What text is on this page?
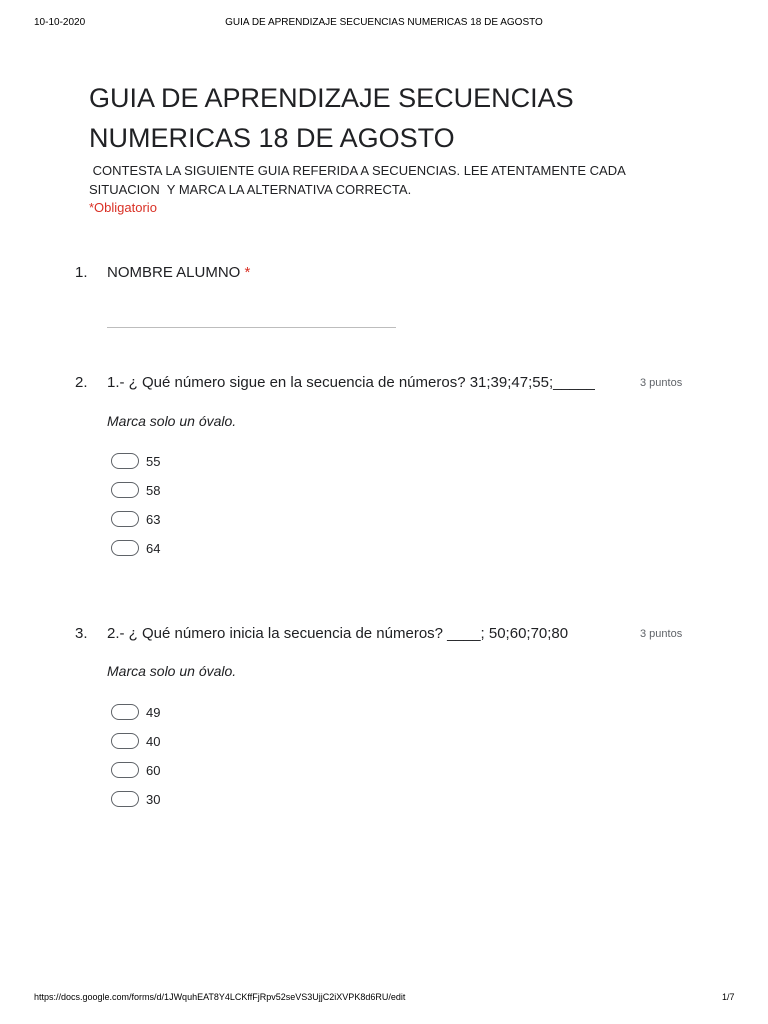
10-10-2020	GUIA DE APRENDIZAJE SECUENCIAS NUMERICAS 18 DE AGOSTO
GUIA DE APRENDIZAJE SECUENCIAS
NUMERICAS 18 DE AGOSTO
CONTESTA LA SIGUIENTE GUIA REFERIDA A SECUENCIAS. LEE ATENTAMENTE CADA SITUACION  Y MARCA LA ALTERNATIVA CORRECTA.
*Obligatorio
1. NOMBRE ALUMNO *
2. 1.- ¿ Qué número sigue en la secuencia de números? 31;39;47;55;_____	3 puntos
Marca solo un óvalo.
55
58
63
64
3. 2.- ¿ Qué número inicia la secuencia de números? ____; 50;60;70;80	3 puntos
Marca solo un óvalo.
49
40
60
30
https://docs.google.com/forms/d/1JWquhEAT8Y4LCKffFjRpv52seVS3UjjC2iXVPK8d6RU/edit	1/7
